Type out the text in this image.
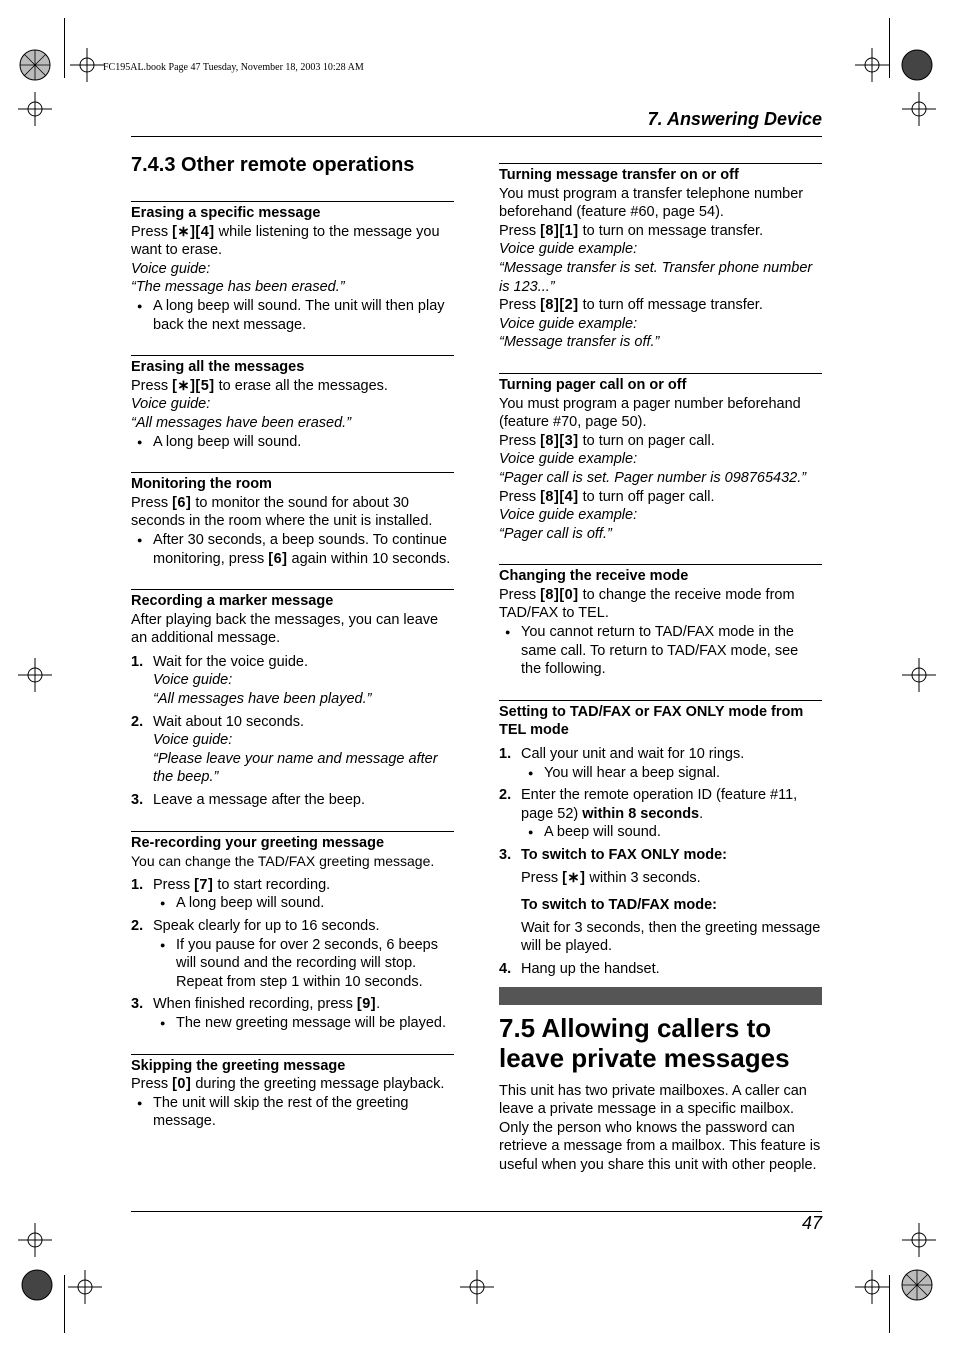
FC195AL.book Page 47 Tuesday, November 18, 2003 10:28 AM
7. Answering Device
7.4.3 Other remote operations
Erasing a specific message

Press [∗][4] while listening to the message you want to erase.

Voice guide:

“The message has been erased.”

● A long beep will sound. The unit will then play back the next message.

Erasing all the messages

Press [∗][5] to erase all the messages.

Voice guide:

“All messages have been erased.”

● A long beep will sound.

Monitoring the room

Press [6] to monitor the sound for about 30 seconds in the room where the unit is installed.

● After 30 seconds, a beep sounds. To continue monitoring, press [6] again within 10 seconds.

Recording a marker message

After playing back the messages, you can leave an additional message.

1. Wait for the voice guide.

Voice guide:

“All messages have been played.”

2. Wait about 10 seconds.

Voice guide:

“Please leave your name and message after the beep.”

3. Leave a message after the beep.

Re-recording your greeting message

You can change the TAD/FAX greeting message.

1. Press [7] to start recording.

● A long beep will sound.

2. Speak clearly for up to 16 seconds.

● If you pause for over 2 seconds, 6 beeps will sound and the recording will stop. Repeat from step 1 within 10 seconds.

3. When finished recording, press [9].

● The new greeting message will be played.

Skipping the greeting message

Press [0] during the greeting message playback.

● The unit will skip the rest of the greeting message.

Turning message transfer on or off

You must program a transfer telephone number beforehand (feature #60, page 54).

Press [8][1] to turn on message transfer.

Voice guide example:

“Message transfer is set. Transfer phone number is 123...”

Press [8][2] to turn off message transfer.

Voice guide example:

“Message transfer is off.”

Turning pager call on or off

You must program a pager number beforehand (feature #70, page 50).

Press [8][3] to turn on pager call.

Voice guide example:

“Pager call is set. Pager number is 098765432.”

Press [8][4] to turn off pager call.

Voice guide example:

“Pager call is off.”

Changing the receive mode

Press [8][0] to change the receive mode from TAD/FAX to TEL.

● You cannot return to TAD/FAX mode in the same call. To return to TAD/FAX mode, see the following.

Setting to TAD/FAX or FAX ONLY mode from TEL mode
1. Call your unit and wait for 10 rings.

● You will hear a beep signal.

2. Enter the remote operation ID (feature #11, page 52) within 8 seconds.

● A beep will sound.

3. To switch to FAX ONLY mode:

Press [∗] within 3 seconds.

To switch to TAD/FAX mode:

Wait for 3 seconds, then the greeting message will be played.

4. Hang up the handset.

7.5 Allowing callers to leave private messages

This unit has two private mailboxes. A caller can leave a private message in a specific mailbox. Only the person who knows the password can retrieve a message from a mailbox. This feature is useful when you share this unit with other people.

47
